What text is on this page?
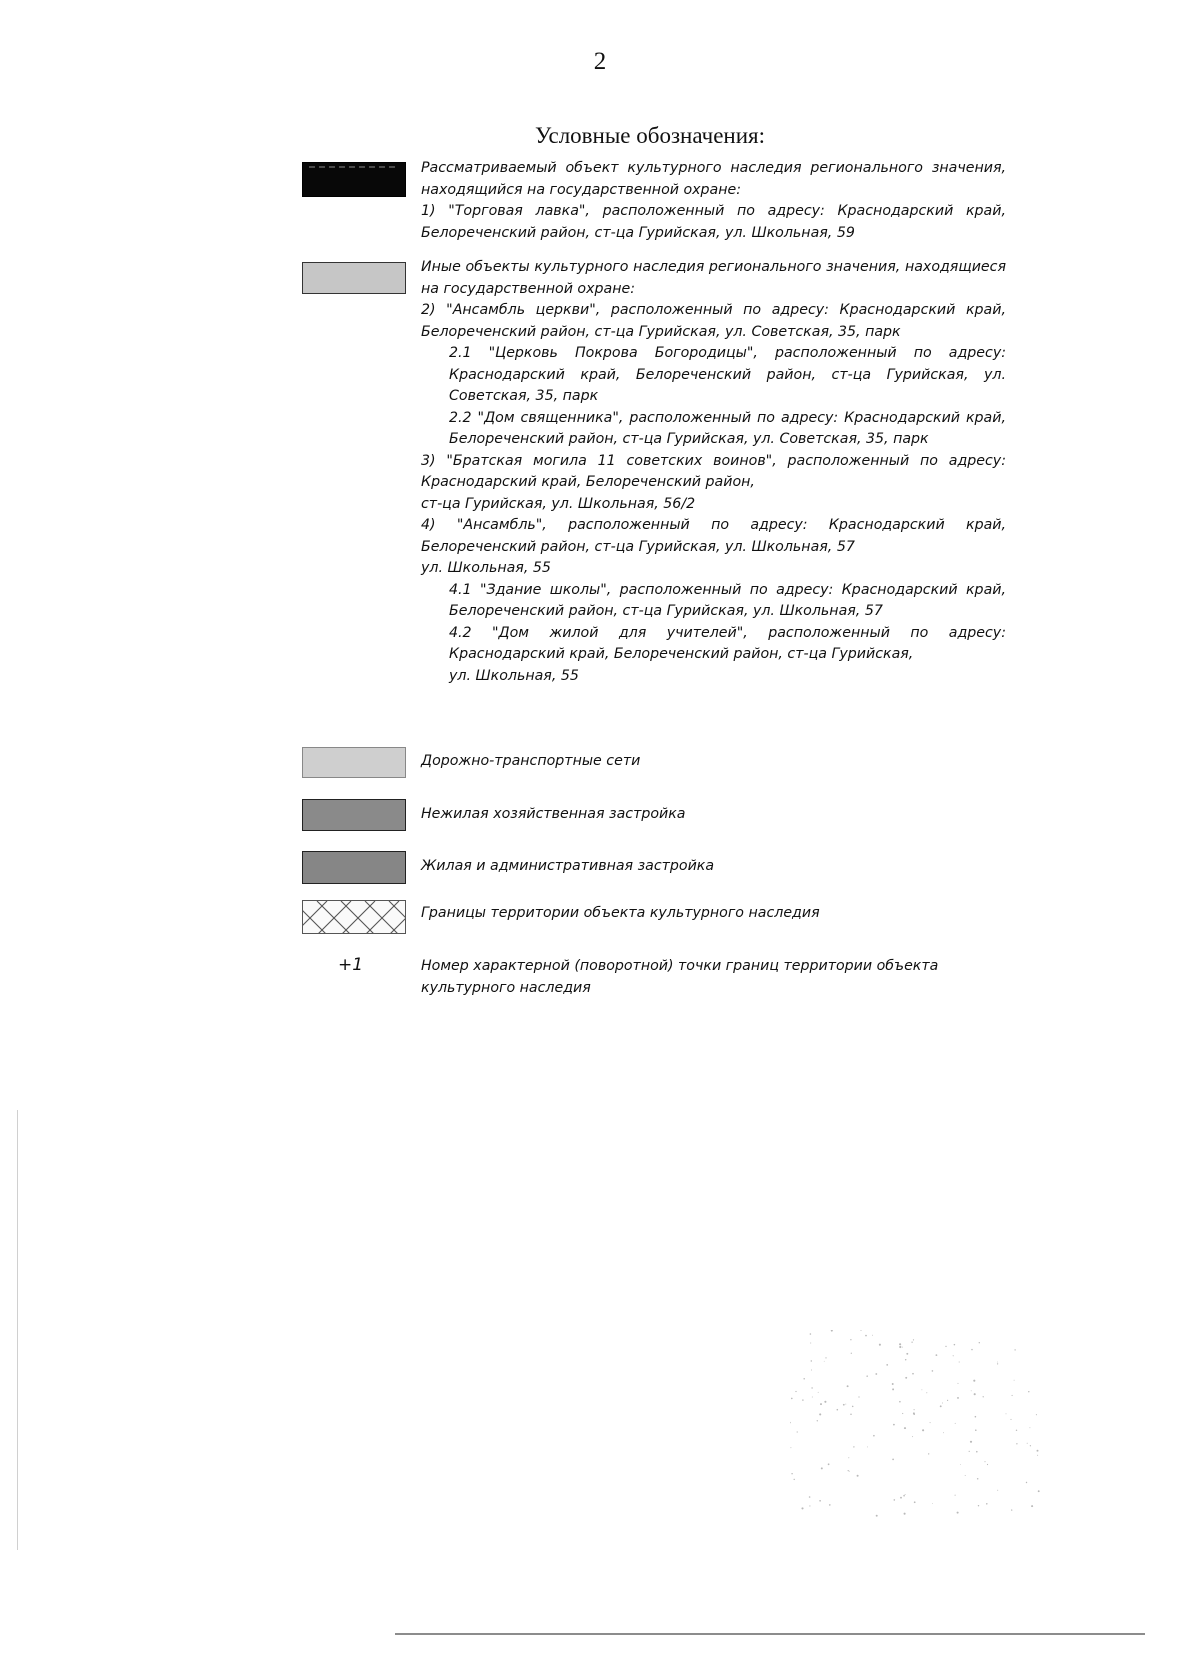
2
Условные обозначения:

Рассматриваемый объект культурного наследия регионального значения, находящийся на государственной охране:

1) "Торговая лавка", расположенный по адресу: Краснодарский край, Белореченский район, ст-ца Гурийская, ул. Школьная, 59

Иные объекты культурного наследия регионального значения, находящиеся на государственной охране:

2) "Ансамбль церкви", расположенный по адресу: Краснодарский край, Белореченский район, ст-ца Гурийская, ул. Советская, 35, парк

2.1 "Церковь Покрова Богородицы", расположенный по адресу: Краснодарский край, Белореченский район, ст-ца Гурийская, ул. Советская, 35, парк

2.2 "Дом священника", расположенный по адресу: Краснодарский край, Белореченский район, ст-ца Гурийская, ул. Советская, 35, парк

3) "Братская могила 11 советских воинов", расположенный по адресу: Краснодарский край, Белореченский район,

ст-ца Гурийская, ул. Школьная, 56/2

4) "Ансамбль", расположенный по адресу: Краснодарский край, Белореченский район, ст-ца Гурийская, ул. Школьная, 57

ул. Школьная, 55

4.1 "Здание школы", расположенный по адресу: Краснодарский край, Белореченский район, ст-ца Гурийская, ул. Школьная, 57

4.2 "Дом жилой для учителей", расположенный по адресу: Краснодарский край, Белореченский район, ст-ца Гурийская,

ул. Школьная, 55

Дорожно-транспортные сети
Нежилая хозяйственная застройка
Жилая и административная застройка
Границы территории объекта культурного наследия
+1	Номер характерной (поворотной) точки границ территории объекта культурного наследия
